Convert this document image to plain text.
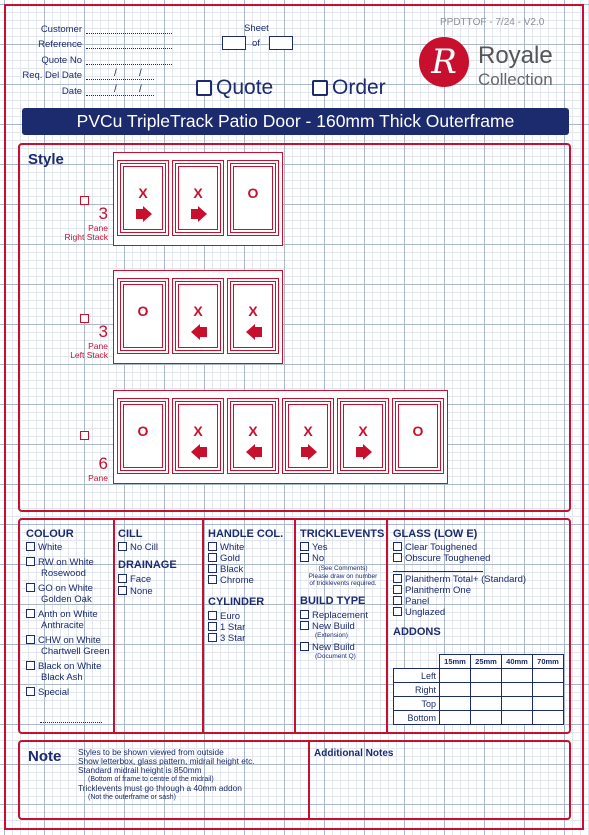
Customer
Reference
Quote No
Req. Del Date	/ /
Date	/ /
Sheet
of
Quote	Order
PPDTTOF - 7/24 - V2.0
R Royale
Collection
PVCu TripleTrack Patio Door - 160mm Thick Outerframe
Style
3
Pane
Right Stack
X	X	O
3
Pane
Left Stack
O	X	X
6
Pane
O	X	X	X	X	O
COLOUR
White
RW on White
Rosewood
GO on White
Golden Oak
Anth on White
Anthracite
CHW on White
Chartwell Green
Black on White
Black Ash
Special
CILL
No Cill
DRAINAGE
Face
None
HANDLE COL.
White
Gold
Black
Chrome
CYLINDER
Euro
1 Star
3 Star
TRICKLEVENTS
Yes
No
(See Comments)
Please draw on number
of tricklevents required.
BUILD TYPE
Replacement
New Build
(Extension)
New Build
(Document Q)
GLASS (LOW E)
Clear Toughened
Obscure Toughened
Planitherm Total+ (Standard)
Planitherm One
Panel
Unglazed
ADDONS
	15mm	25mm	40mm	70mm
Left				
Right				
Top				
Bottom				
Note Styles to be shown viewed from outside
Show letterbox, glass pattern, midrail height etc.
Standard midrail height is 850mm
(Bottom of frame to centre of the midrail)
Tricklevents must go through a 40mm addon
(Not the outerframe or sash)
Additional Notes
